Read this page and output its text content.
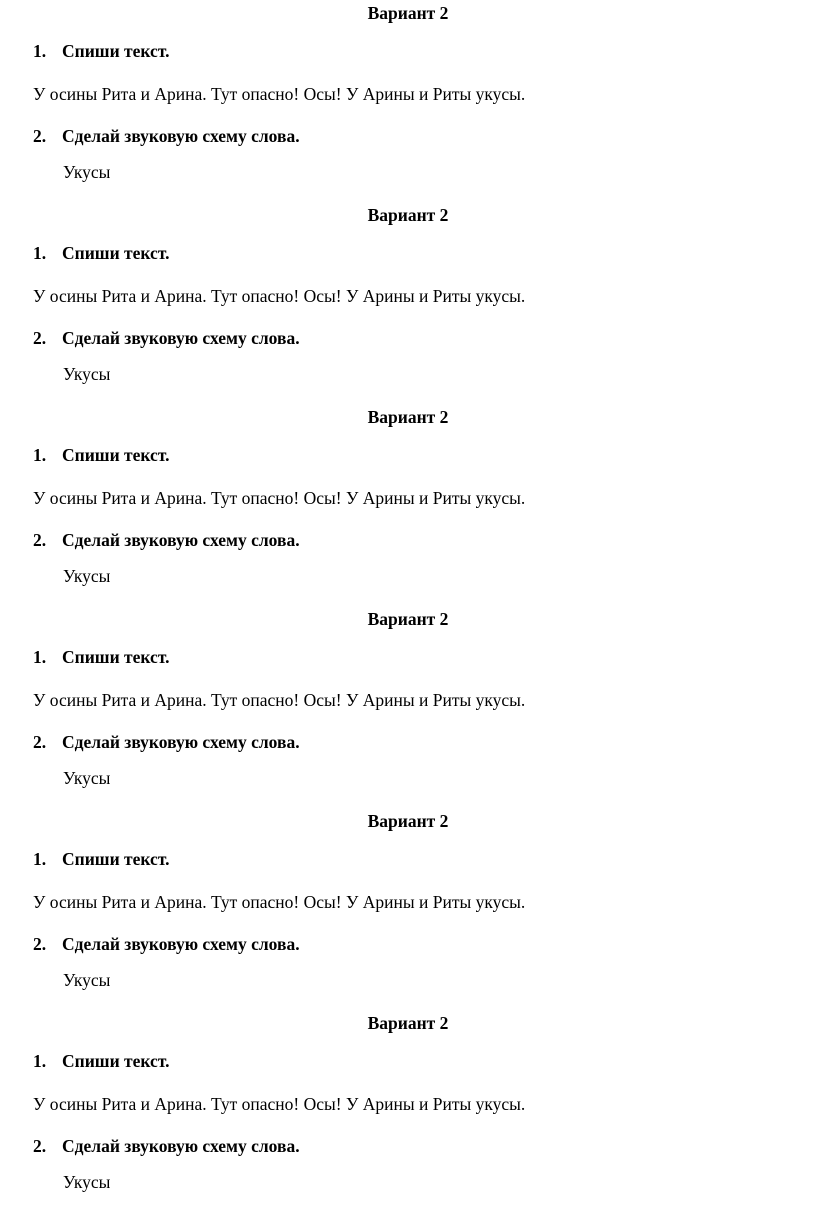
Вариант 2
1. Спиши текст.
У осины Рита и Арина. Тут опасно! Осы! У Арины и Риты укусы.
2. Сделай звуковую схему слова.
Укусы
Вариант 2
1. Спиши текст.
У осины Рита и Арина. Тут опасно! Осы! У Арины и Риты укусы.
2. Сделай звуковую схему слова.
Укусы
Вариант 2
1. Спиши текст.
У осины Рита и Арина. Тут опасно! Осы! У Арины и Риты укусы.
2. Сделай звуковую схему слова.
Укусы
Вариант 2
1. Спиши текст.
У осины Рита и Арина. Тут опасно! Осы! У Арины и Риты укусы.
2. Сделай звуковую схему слова.
Укусы
Вариант 2
1. Спиши текст.
У осины Рита и Арина. Тут опасно! Осы! У Арины и Риты укусы.
2. Сделай звуковую схему слова.
Укусы
Вариант 2
1. Спиши текст.
У осины Рита и Арина. Тут опасно! Осы! У Арины и Риты укусы.
2. Сделай звуковую схему слова.
Укусы
